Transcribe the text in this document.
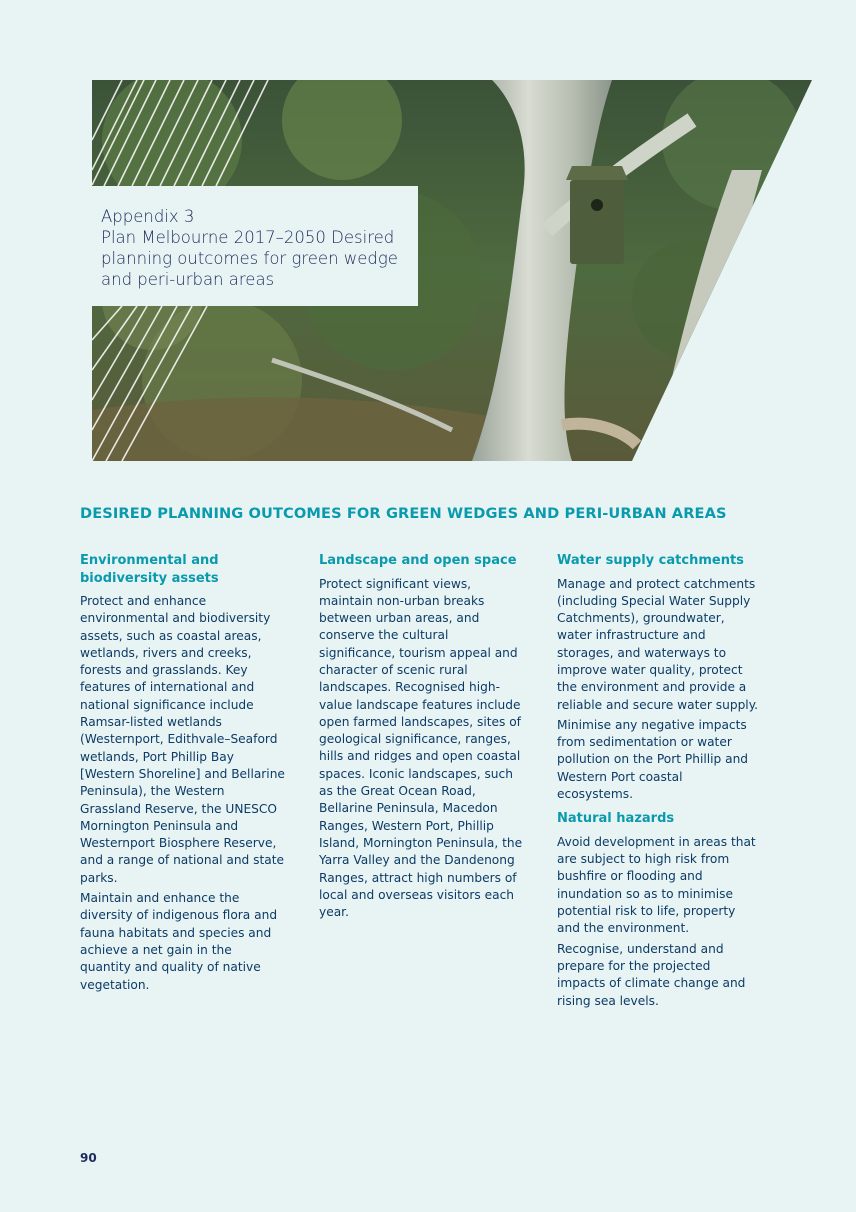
Appendix 3
Plan Melbourne 2017–2050 Desired planning outcomes for green wedge and peri-urban areas

DESIRED PLANNING OUTCOMES FOR GREEN WEDGES AND PERI-URBAN AREAS
Environmental and biodiversity assets

Protect and enhance environmental and biodiversity assets, such as coastal areas, wetlands, rivers and creeks, forests and grasslands. Key features of international and national significance include Ramsar-listed wetlands (Westernport, Edithvale–Seaford wetlands, Port Phillip Bay [Western Shoreline] and Bellarine Peninsula), the Western Grassland Reserve, the UNESCO Mornington Peninsula and Westernport Biosphere Reserve, and a range of national and state parks.

Maintain and enhance the diversity of indigenous flora and fauna habitats and species and achieve a net gain in the quantity and quality of native vegetation.

Landscape and open space

Protect significant views, maintain non-urban breaks between urban areas, and conserve the cultural significance, tourism appeal and character of scenic rural landscapes. Recognised high-value landscape features include open farmed landscapes, sites of geological significance, ranges, hills and ridges and open coastal spaces. Iconic landscapes, such as the Great Ocean Road, Bellarine Peninsula, Macedon Ranges, Western Port, Phillip Island, Mornington Peninsula, the Yarra Valley and the Dandenong Ranges, attract high numbers of local and overseas visitors each year.

Water supply catchments

Manage and protect catchments (including Special Water Supply Catchments), groundwater, water infrastructure and storages, and waterways to improve water quality, protect the environment and provide a reliable and secure water supply.

Minimise any negative impacts from sedimentation or water pollution on the Port Phillip and Western Port coastal ecosystems.

Natural hazards

Avoid development in areas that are subject to high risk from bushfire or flooding and inundation so as to minimise potential risk to life, property and the environment.

Recognise, understand and prepare for the projected impacts of climate change and rising sea levels.

90
